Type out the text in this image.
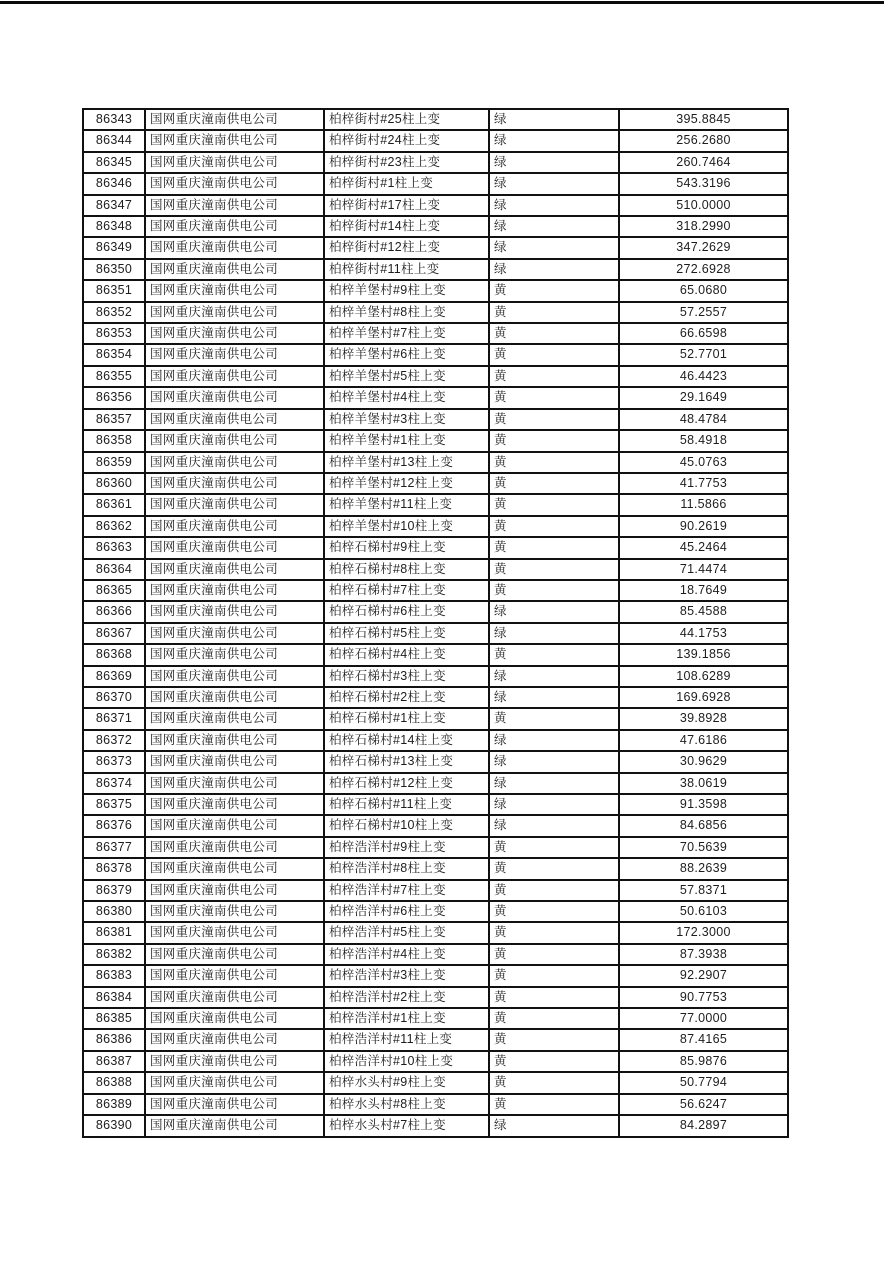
86343	国网重庆潼南供电公司	柏梓街村#25柱上变	绿	395.8845
86344	国网重庆潼南供电公司	柏梓街村#24柱上变	绿	256.2680
86345	国网重庆潼南供电公司	柏梓街村#23柱上变	绿	260.7464
86346	国网重庆潼南供电公司	柏梓街村#1柱上变	绿	543.3196
86347	国网重庆潼南供电公司	柏梓街村#17柱上变	绿	510.0000
86348	国网重庆潼南供电公司	柏梓街村#14柱上变	绿	318.2990
86349	国网重庆潼南供电公司	柏梓街村#12柱上变	绿	347.2629
86350	国网重庆潼南供电公司	柏梓街村#11柱上变	绿	272.6928
86351	国网重庆潼南供电公司	柏梓羊堡村#9柱上变	黄	65.0680
86352	国网重庆潼南供电公司	柏梓羊堡村#8柱上变	黄	57.2557
86353	国网重庆潼南供电公司	柏梓羊堡村#7柱上变	黄	66.6598
86354	国网重庆潼南供电公司	柏梓羊堡村#6柱上变	黄	52.7701
86355	国网重庆潼南供电公司	柏梓羊堡村#5柱上变	黄	46.4423
86356	国网重庆潼南供电公司	柏梓羊堡村#4柱上变	黄	29.1649
86357	国网重庆潼南供电公司	柏梓羊堡村#3柱上变	黄	48.4784
86358	国网重庆潼南供电公司	柏梓羊堡村#1柱上变	黄	58.4918
86359	国网重庆潼南供电公司	柏梓羊堡村#13柱上变	黄	45.0763
86360	国网重庆潼南供电公司	柏梓羊堡村#12柱上变	黄	41.7753
86361	国网重庆潼南供电公司	柏梓羊堡村#11柱上变	黄	11.5866
86362	国网重庆潼南供电公司	柏梓羊堡村#10柱上变	黄	90.2619
86363	国网重庆潼南供电公司	柏梓石梯村#9柱上变	黄	45.2464
86364	国网重庆潼南供电公司	柏梓石梯村#8柱上变	黄	71.4474
86365	国网重庆潼南供电公司	柏梓石梯村#7柱上变	黄	18.7649
86366	国网重庆潼南供电公司	柏梓石梯村#6柱上变	绿	85.4588
86367	国网重庆潼南供电公司	柏梓石梯村#5柱上变	绿	44.1753
86368	国网重庆潼南供电公司	柏梓石梯村#4柱上变	黄	139.1856
86369	国网重庆潼南供电公司	柏梓石梯村#3柱上变	绿	108.6289
86370	国网重庆潼南供电公司	柏梓石梯村#2柱上变	绿	169.6928
86371	国网重庆潼南供电公司	柏梓石梯村#1柱上变	黄	39.8928
86372	国网重庆潼南供电公司	柏梓石梯村#14柱上变	绿	47.6186
86373	国网重庆潼南供电公司	柏梓石梯村#13柱上变	绿	30.9629
86374	国网重庆潼南供电公司	柏梓石梯村#12柱上变	绿	38.0619
86375	国网重庆潼南供电公司	柏梓石梯村#11柱上变	绿	91.3598
86376	国网重庆潼南供电公司	柏梓石梯村#10柱上变	绿	84.6856
86377	国网重庆潼南供电公司	柏梓浩洋村#9柱上变	黄	70.5639
86378	国网重庆潼南供电公司	柏梓浩洋村#8柱上变	黄	88.2639
86379	国网重庆潼南供电公司	柏梓浩洋村#7柱上变	黄	57.8371
86380	国网重庆潼南供电公司	柏梓浩洋村#6柱上变	黄	50.6103
86381	国网重庆潼南供电公司	柏梓浩洋村#5柱上变	黄	172.3000
86382	国网重庆潼南供电公司	柏梓浩洋村#4柱上变	黄	87.3938
86383	国网重庆潼南供电公司	柏梓浩洋村#3柱上变	黄	92.2907
86384	国网重庆潼南供电公司	柏梓浩洋村#2柱上变	黄	90.7753
86385	国网重庆潼南供电公司	柏梓浩洋村#1柱上变	黄	77.0000
86386	国网重庆潼南供电公司	柏梓浩洋村#11柱上变	黄	87.4165
86387	国网重庆潼南供电公司	柏梓浩洋村#10柱上变	黄	85.9876
86388	国网重庆潼南供电公司	柏梓水头村#9柱上变	黄	50.7794
86389	国网重庆潼南供电公司	柏梓水头村#8柱上变	黄	56.6247
86390	国网重庆潼南供电公司	柏梓水头村#7柱上变	绿	84.2897
